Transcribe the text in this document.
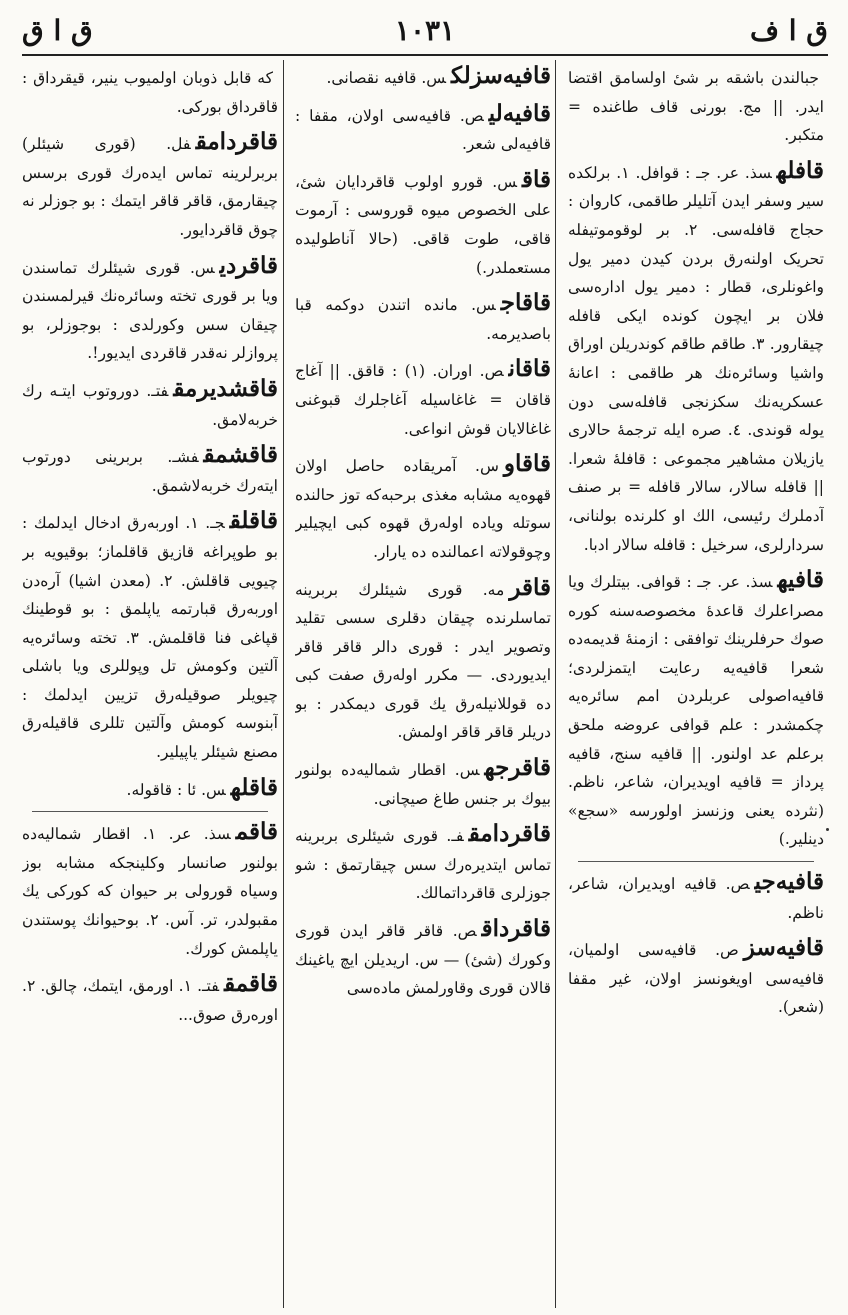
ق ا ق	١٠٣١	ق ا ف
جبالندن باشقه بر شیٔ اولسامق اقتضا ایدر. || مج. بورنی قاف طاغنده = متکبر.
قافلهسذ. عر. جـ : قوافل. ١. برلکده سیر وسفر ایدن آتلیلر طاقمی، کاروان : حجاج قافله‌سی. ٢. بر لوقوموتیفله تحریک اولنه‌رق بردن کیدن دمیر یول واغونلری، قطار : دمیر یول اداره‌سی فلان بر ایچون کونده ایکی قافله چیقارور. ٣. طاقم طاقم کوندریلن اوراق واشیا وسائره‌نك هر طاقمی : اعانهٔ عسکریه‌نك سکزنجی قافله‌سی دون یوله قوندی. ٤. صره ایله ترجمهٔ حالاری یازیلان مشاهیر مجموعی : قافلهٔ شعرا. || قافله سالار، سالار قافله = بر صنف آدملرك رئیسی، الك او کلرنده بولنانی، سردارلری، سرخیل : قافله سالار ادبا.
قافیهسذ. عر. جـ : قوافی. بیتلرك ویا مصراعلرك قاعدهٔ مخصوصه‌سنه کوره صوك حرفلرینك توافقی : ازمنهٔ قدیمه‌ده شعرا قافیه‌یه رعایت ایتمزلردی؛ قافیه‌اصولی عربلردن امم سائره‌یه چکمشدر : علم قوافی عروضه ملحق برعلم عد اولنور. || قافیه سنج، قافیه پرداز = قافیه اویدیران، شاعر، ناظم. (نثرده یعنی وزنسز اولورسه «سجع» دینلیر.)
قافیه‌جیص. قافیه اویدیران، شاعر، ناظم.
قافیه‌سزص. قافیه‌سی اولمیان، قافیه‌سی اویغونسز اولان، غیر مقفا (شعر).
قافیه‌سزلكس. قافیه نقصانی.
قافیه‌لیص. قافیه‌سی اولان، مقفا : قافیه‌لی شعر.
قاقس. قورو اولوب قاقردایان شیٔ، علی الخصوص میوه قوروسی : آرموت قاقی، طوت قاقی. (حالا آناطولیده مستعملدر.)
قاقاجس. مانده اتندن دوکمه قبا باصدیرمه.
قاقانص. اوران. (١) : قاقق. || آغاج قاقان = غاغاسیله آغاجلرك قبوغنی غاغالایان قوش انواعی.
قاقاوس. آمریقاده حاصل اولان قهوه‌یه مشابه مغذی برحبه‌که توز حالنده سوتله ویاده اوله‌رق قهوه کبی ایچیلیر وچوقولاته اعمالنده ده یارار.
قاقرمه. قوری شیئلرك بربرینه تماسلرنده چیقان دقلری سسی تقلید وتصویر ایدر : قوری دالر قاقر قاقر ایدیوردی. — مکرر اوله‌رق صفت کبی ده قوللانیله‌رق یك قوری دیمکدر : بو دریلر قاقر قاقر اولمش.
قاقرجهس. اقطار شمالیه‌ده بولنور بیوك بر جنس طاغ صیچانی.
قاقردامقفـ. قوری شیئلری بربرینه تماس ایتدیره‌رك سس چیقارتمق : شو جوزلری قاقرداتمالك.
قاقرداقص. قاقر قاقر ایدن قوری وکورك (شیٔ) — س. اریدیلن ایچ یاغینك قالان قوری وقاورلمش ماده‌سی
که قابل ذوبان اولمیوب ینیر، قیقرداق : قاقرداق بورکی.
قاقردامقفل. (قوری شیئلر) بربرلرینه تماس ایده‌رك قوری برسس چیقارمق، قاقر قاقر ایتمك : بو جوزلر نه چوق قاقردایور.
قاقردیس. قوری شیئلرك تماسندن ویا بر قوری تخته وسائره‌نك قیرلمسندن چیقان سس وکورلدی : بوجوزلر، بو پروازلر نه‌قدر قاقردی ایدیور!.
قاقشدیرمقفتـ. دوروتوب ایتـه رك خربه‌لامق.
قاقشمقفشـ. بربرینی دورتوب ایته‌رك خربه‌لاشمق.
قاقلقجـ. ١. اوربه‌رق ادخال ایدلمك : بو طوپراغه قازیق قاقلماز؛ بوقیویه بر چیویی قاقلش. ٢. (معدن اشیا) آره‌دن اوربه‌رق قبارتمه یاپلمق : بو قوطینك قپاغی فنا قاقلمش. ٣. تخته وسائره‌یه آلتین وکومش تل وپوللری ویا باشلی چیویلر صوقیله‌رق تزیین ایدلمك : آبنوسه کومش وآلتین تللری قاقیله‌رق مصنع شیئلر یاپیلیر.
قاقلهس. ئا : قاقوله.
قاقمسذ. عر. ١. اقطار شمالیه‌ده بولنور صانسار وکلینجکه مشابه بوز وسیاه قورولی بر حیوان که کورکی یك مقبولدر، تر. آس. ٢. بوحیوانك پوستندن یاپلمش کورك.
قاقمقفتـ. ١. اورمق، ایتمك، چالق. ٢. اوره‌رق صوق...
